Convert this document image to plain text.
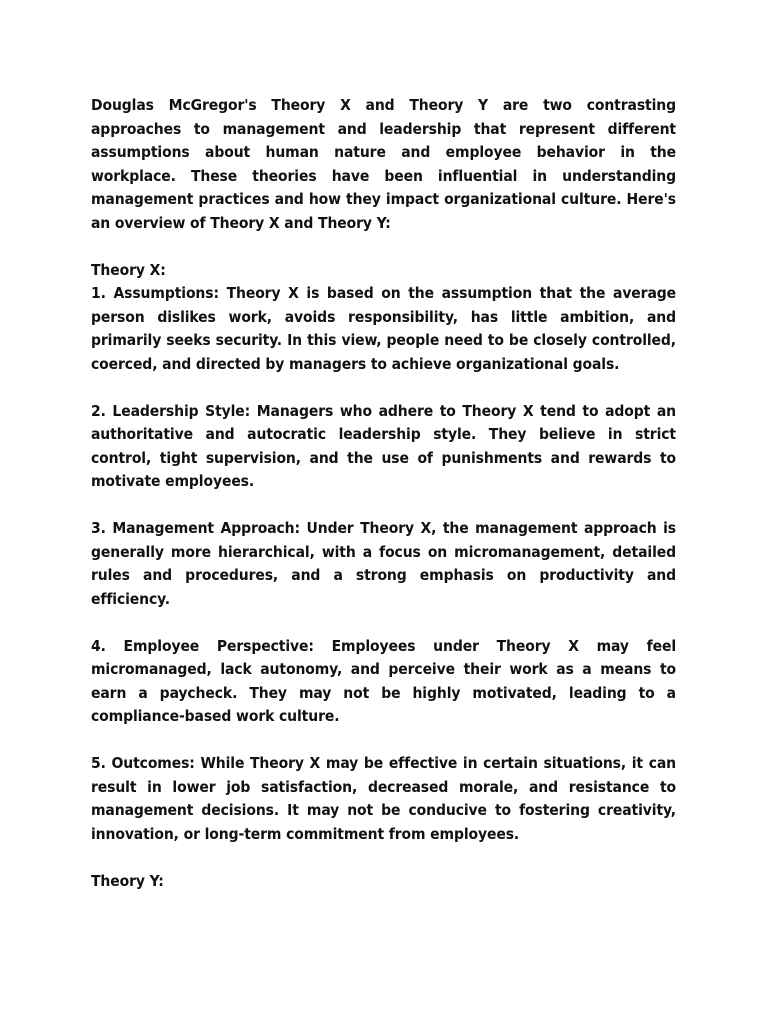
Douglas McGregor's Theory X and Theory Y are two contrasting approaches to management and leadership that represent different assumptions about human nature and employee behavior in the workplace. These theories have been influential in understanding management practices and how they impact organizational culture. Here's an overview of Theory X and Theory Y:

Theory X:

1. Assumptions: Theory X is based on the assumption that the average person dislikes work, avoids responsibility, has little ambition, and primarily seeks security. In this view, people need to be closely controlled, coerced, and directed by managers to achieve organizational goals.

2. Leadership Style: Managers who adhere to Theory X tend to adopt an authoritative and autocratic leadership style. They believe in strict control, tight supervision, and the use of punishments and rewards to motivate employees.

3. Management Approach: Under Theory X, the management approach is generally more hierarchical, with a focus on micromanagement, detailed rules and procedures, and a strong emphasis on productivity and efficiency.

4. Employee Perspective: Employees under Theory X may feel micromanaged, lack autonomy, and perceive their work as a means to earn a paycheck. They may not be highly motivated, leading to a compliance-based work culture.

5. Outcomes: While Theory X may be effective in certain situations, it can result in lower job satisfaction, decreased morale, and resistance to management decisions. It may not be conducive to fostering creativity, innovation, or long-term commitment from employees.

Theory Y:
